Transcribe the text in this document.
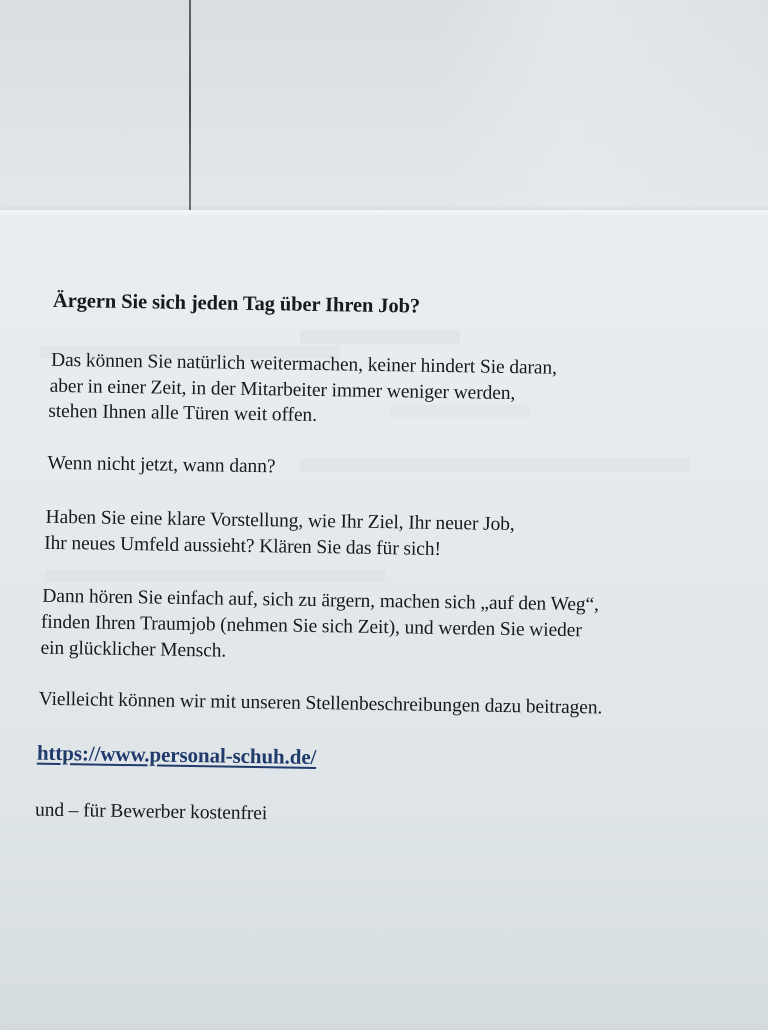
Ärgern Sie sich jeden Tag über Ihren Job?
Das können Sie natürlich weitermachen, keiner hindert Sie daran,
aber in einer Zeit, in der Mitarbeiter immer weniger werden,
stehen Ihnen alle Türen weit offen.
Wenn nicht jetzt, wann dann?
Haben Sie eine klare Vorstellung, wie Ihr Ziel, Ihr neuer Job,
Ihr neues Umfeld aussieht? Klären Sie das für sich!
Dann hören Sie einfach auf, sich zu ärgern, machen sich „auf den Weg“,
finden Ihren Traumjob (nehmen Sie sich Zeit), und werden Sie wieder
ein glücklicher Mensch.
Vielleicht können wir mit unseren Stellenbeschreibungen dazu beitragen.
https://www.personal-schuh.de/
und – für Bewerber kostenfrei
